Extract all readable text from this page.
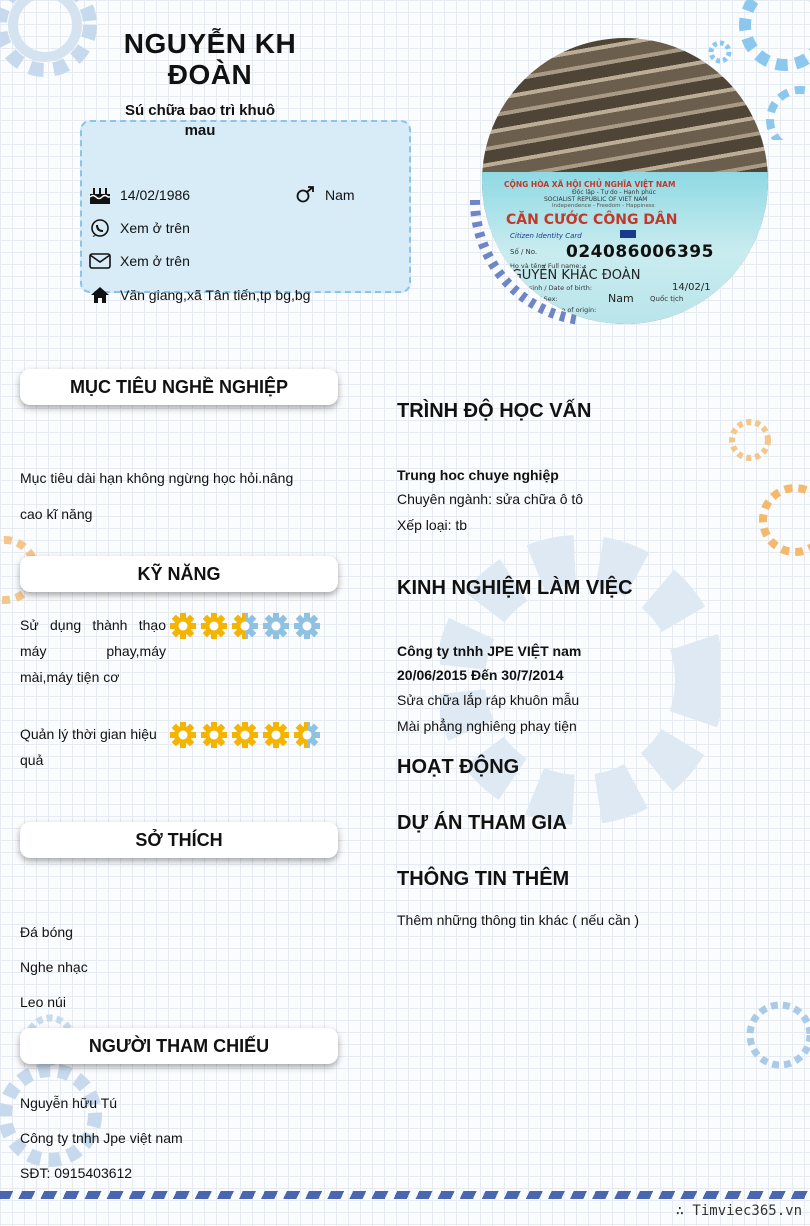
NGUYỄN KH ĐOÀN
Sú chữa bao trì khuô mau
14/02/1986	Nam
Xem ở trên
Xem ở trên
Văn giang,xã Tân tiến,tp bg,bg
CỘNG HÒA XÃ HỘI CHỦ NGHĨA VIỆT NAM
Độc lập - Tự do - Hạnh phúc
SOCIALIST REPUBLIC OF VIET NAM
Independence - Freedom - Happiness
CĂN CƯỚC CÔNG DÂN
Citizen Identity Card
Số / No. 024086006395
Họ và tên / Full name:
NGUYỄN KHẮC ĐOÀN
Ngày sinh / Date of birth:	14/02/1
Giới tính / Sex:	Nam Quốc tịch
Quê quán / Place of origin:
MỤC TIÊU NGHỀ NGHIỆP
Mục tiêu dài hạn không ngừng học hỏi.nâng
cao kĩ năng
KỸ NĂNG
Sử dụng thành thạo
máy phay,máy
mài,máy tiện cơ
Quản lý thời gian hiệu
quả
SỞ THÍCH
Đá bóng
Nghe nhạc
Leo núi
NGƯỜI THAM CHIẾU
Nguyễn hữu Tú
Công ty tnhh Jpe việt nam
SĐT: 0915403612
TRÌNH ĐỘ HỌC VẤN
Trung hoc chuye nghiệp
Chuyên ngành: sửa chữa ô tô
Xếp loại: tb
KINH NGHIỆM LÀM VIỆC
Công ty tnhh JPE VIỆT nam
20/06/2015 Đến 30/7/2014
Sửa chữa lắp ráp khuôn mẫu
Mài phẳng nghiêng phay tiện
HOẠT ĐỘNG
DỰ ÁN THAM GIA
THÔNG TIN THÊM
Thêm những thông tin khác ( nếu cần )
∴ Timviec365.vn
